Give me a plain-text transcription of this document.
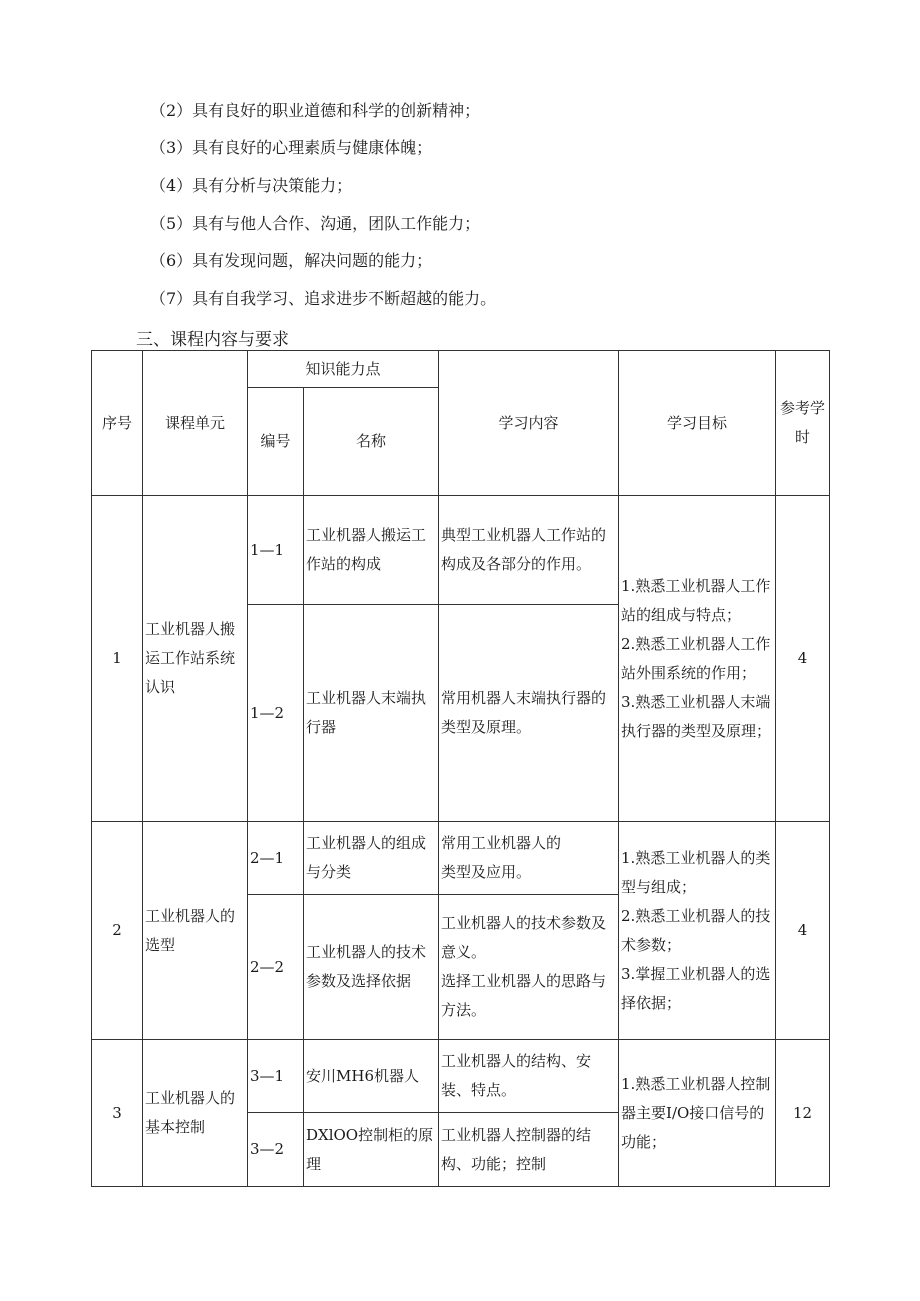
（2）具有良好的职业道德和科学的创新精神；
（3）具有良好的心理素质与健康体魄；
（4）具有分析与决策能力；
（5）具有与他人合作、沟通，团队工作能力；
（6）具有发现问题，解决问题的能力；
（7）具有自我学习、追求进步不断超越的能力。
三、课程内容与要求
序号	课程单元	知识能力点		学习内容	学习目标	参考学时
		编号	名称			
1	工业机器人搬运工作站系统认识	1—1	工业机器人搬运工作站的构成	典型工业机器人工作站的构成及各部分的作用。	1.熟悉工业机器人工作站的组成与特点；
2.熟悉工业机器人工作站外围系统的作用；
3.熟悉工业机器人末端执行器的类型及原理；	4
		1—2	工业机器人末端执行器	常用机器人末端执行器的类型及原理。		
2	工业机器人的选型	2—1	工业机器人的组成与分类	常用工业机器人的
类型及应用。	1.熟悉工业机器人的类型与组成；
2.熟悉工业机器人的技术参数；
3.掌握工业机器人的选择依据；	4
		2—2	工业机器人的技术参数及选择依据	工业机器人的技术参数及意义。
选择工业机器人的思路与方法。		
3	工业机器人的基本控制	3—1	安川MH6机器人	工业机器人的结构、安装、特点。	1.熟悉工业机器人控制器主要I/O接口信号的功能；	12
		3—2	DXlOO控制柜的原理	工业机器人控制器的结构、功能；控制		
